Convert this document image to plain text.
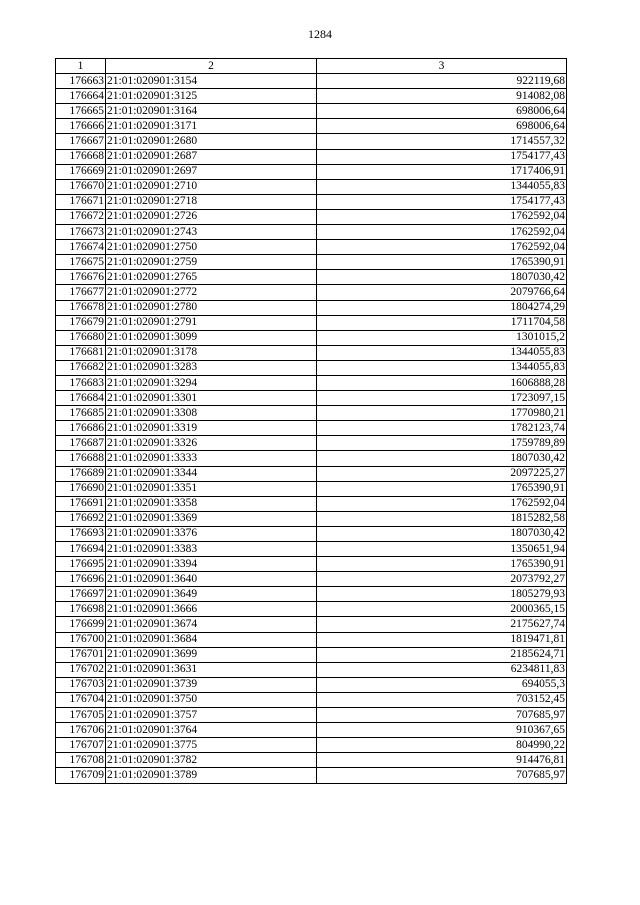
1284
1	2	3
176663	21:01:020901:3154	922119,68
176664	21:01:020901:3125	914082,08
176665	21:01:020901:3164	698006,64
176666	21:01:020901:3171	698006,64
176667	21:01:020901:2680	1714557,32
176668	21:01:020901:2687	1754177,43
176669	21:01:020901:2697	1717406,91
176670	21:01:020901:2710	1344055,83
176671	21:01:020901:2718	1754177,43
176672	21:01:020901:2726	1762592,04
176673	21:01:020901:2743	1762592,04
176674	21:01:020901:2750	1762592,04
176675	21:01:020901:2759	1765390,91
176676	21:01:020901:2765	1807030,42
176677	21:01:020901:2772	2079766,64
176678	21:01:020901:2780	1804274,29
176679	21:01:020901:2791	1711704,58
176680	21:01:020901:3099	1301015,2
176681	21:01:020901:3178	1344055,83
176682	21:01:020901:3283	1344055,83
176683	21:01:020901:3294	1606888,28
176684	21:01:020901:3301	1723097,15
176685	21:01:020901:3308	1770980,21
176686	21:01:020901:3319	1782123,74
176687	21:01:020901:3326	1759789,89
176688	21:01:020901:3333	1807030,42
176689	21:01:020901:3344	2097225,27
176690	21:01:020901:3351	1765390,91
176691	21:01:020901:3358	1762592,04
176692	21:01:020901:3369	1815282,58
176693	21:01:020901:3376	1807030,42
176694	21:01:020901:3383	1350651,94
176695	21:01:020901:3394	1765390,91
176696	21:01:020901:3640	2073792,27
176697	21:01:020901:3649	1805279,93
176698	21:01:020901:3666	2000365,15
176699	21:01:020901:3674	2175627,74
176700	21:01:020901:3684	1819471,81
176701	21:01:020901:3699	2185624,71
176702	21:01:020901:3631	6234811,83
176703	21:01:020901:3739	694055,3
176704	21:01:020901:3750	703152,45
176705	21:01:020901:3757	707685,97
176706	21:01:020901:3764	910367,65
176707	21:01:020901:3775	804990,22
176708	21:01:020901:3782	914476,81
176709	21:01:020901:3789	707685,97
